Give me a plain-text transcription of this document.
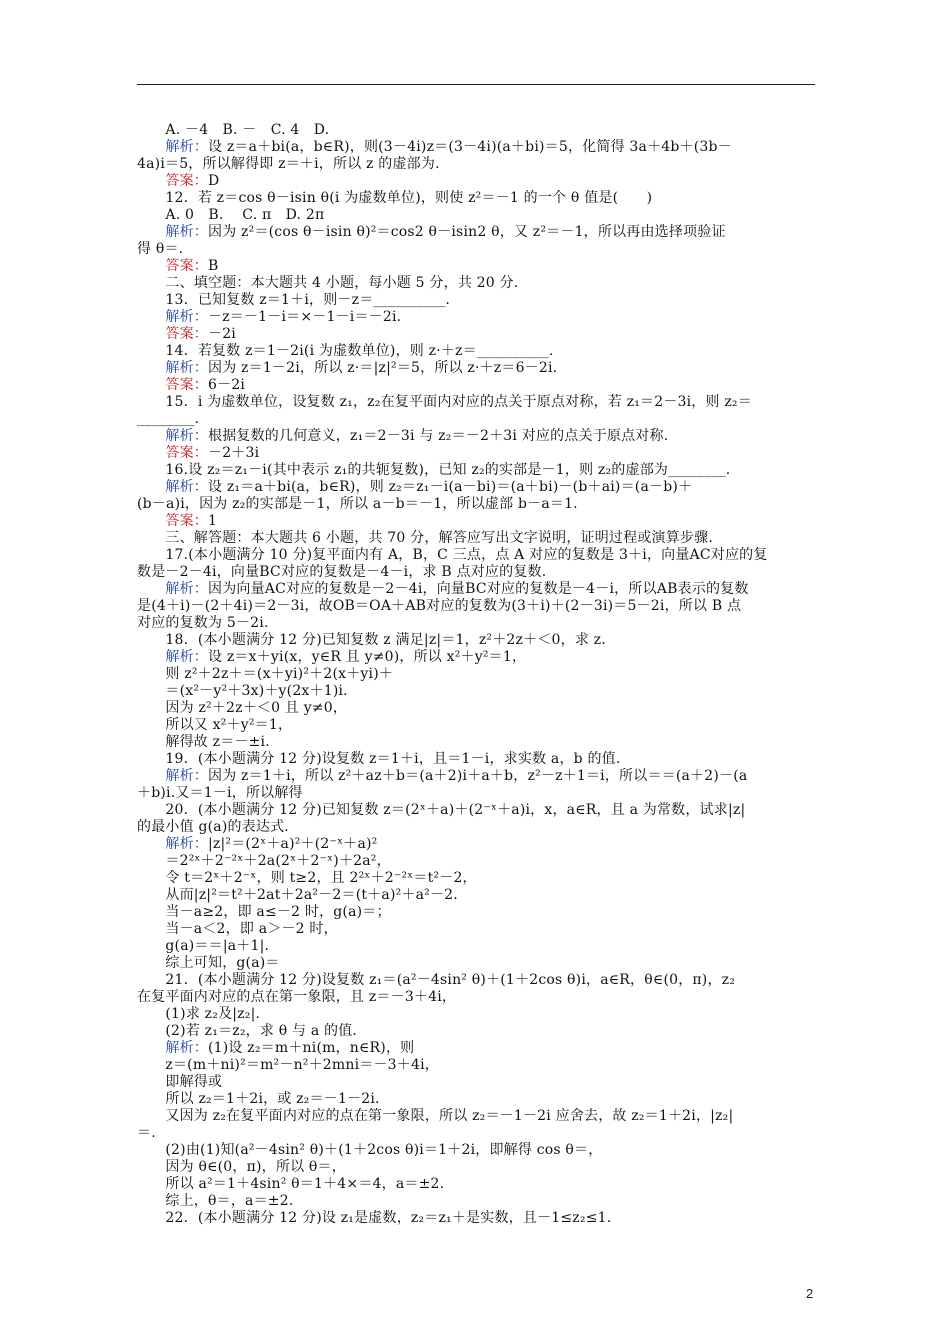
　　A. －4　B. －　C. 4　D.
　　解析：设 z＝a＋bi(a，b∈R)，则(3－4i)z＝(3－4i)(a＋bi)＝5，化简得 3a＋4b＋(3b－
4a)i＝5，所以解得即 z＝＋i，所以 z 的虚部为.
　　答案：D
　　12．若 z＝cos θ－isin θ(i 为虚数单位)，则使 z²＝－1 的一个 θ 值是(　　)
　　A. 0　B. 　C. π　D. 2π
　　解析：因为 z²＝(cos θ－isin θ)²＝cos2 θ－isin2 θ，又 z²＝－1，所以再由选择项验证
得 θ＝.
　　答案：B
　　二、填空题：本大题共 4 小题，每小题 5 分，共 20 分.
　　13．已知复数 z＝1＋i，则－z＝__________.
　　解析：－z＝－1－i＝×－1－i＝－2i.
　　答案：－2i
　　14．若复数 z＝1－2i(i 为虚数单位)，则 z·＋z＝__________.
　　解析：因为 z＝1－2i，所以 z·＝|z|²＝5，所以 z·＋z＝6－2i.
　　答案：6－2i
　　15．i 为虚数单位，设复数 z₁，z₂在复平面内对应的点关于原点对称，若 z₁＝2－3i，则 z₂＝
________.
　　解析：根据复数的几何意义，z₁＝2－3i 与 z₂＝－2＋3i 对应的点关于原点对称.
　　答案：－2＋3i
　　16.设 z₂＝z₁－i(其中表示 z₁的共轭复数)，已知 z₂的实部是－1，则 z₂的虚部为________.
　　解析：设 z₁＝a＋bi(a，b∈R)，则 z₂＝z₁－i(a－bi)＝(a＋bi)－(b＋ai)＝(a－b)＋
(b－a)i，因为 z₂的实部是－1，所以 a－b＝－1，所以虚部 b－a＝1.
　　答案：1
　　三、解答题：本大题共 6 小题，共 70 分，解答应写出文字说明，证明过程或演算步骤.
　　17.(本小题满分 10 分)复平面内有 A，B，C 三点，点 A 对应的复数是 3＋i，向量AC对应的复
数是－2－4i，向量BC对应的复数是－4－i，求 B 点对应的复数.
　　解析：因为向量AC对应的复数是－2－4i，向量BC对应的复数是－4－i，所以AB表示的复数
是(4＋i)－(2＋4i)＝2－3i，故OB＝OA＋AB对应的复数为(3＋i)＋(2－3i)＝5－2i，所以 B 点
对应的复数为 5－2i.
　　18．(本小题满分 12 分)已知复数 z 满足|z|＝1，z²＋2z＋＜0，求 z.
　　解析：设 z＝x＋yi(x，y∈R 且 y≠0)，所以 x²＋y²＝1，
　　则 z²＋2z＋＝(x＋yi)²＋2(x＋yi)＋
　　＝(x²－y²＋3x)＋y(2x＋1)i.
　　因为 z²＋2z＋＜0 且 y≠0，
　　所以又 x²＋y²＝1，
　　解得故 z＝－±i.
　　19．(本小题满分 12 分)设复数 z＝1＋i，且＝1－i，求实数 a，b 的值.
　　解析：因为 z＝1＋i，所以 z²＋az＋b＝(a＋2)i＋a＋b，z²－z＋1＝i，所以＝＝(a＋2)－(a
＋b)i.又＝1－i，所以解得
　　20．(本小题满分 12 分)已知复数 z＝(2ˣ＋a)＋(2⁻ˣ＋a)i，x，a∈R，且 a 为常数，试求|z|
的最小值 g(a)的表达式.
　　解析：|z|²＝(2ˣ＋a)²＋(2⁻ˣ＋a)²
　　＝2²ˣ＋2⁻²ˣ＋2a(2ˣ＋2⁻ˣ)＋2a²，
　　令 t＝2ˣ＋2⁻ˣ，则 t≥2，且 2²ˣ＋2⁻²ˣ＝t²－2，
　　从而|z|²＝t²＋2at＋2a²－2＝(t＋a)²＋a²－2.
　　当－a≥2，即 a≤－2 时，g(a)＝；
　　当－a＜2，即 a＞－2 时，
　　g(a)＝＝|a＋1|.
　　综上可知，g(a)＝
　　21．(本小题满分 12 分)设复数 z₁＝(a²－4sin² θ)＋(1＋2cos θ)i，a∈R，θ∈(0，π)，z₂
在复平面内对应的点在第一象限，且 z＝－3＋4i，
　　(1)求 z₂及|z₂|.
　　(2)若 z₁＝z₂，求 θ 与 a 的值.
　　解析：(1)设 z₂＝m＋ni(m，n∈R)，则
　　z＝(m＋ni)²＝m²－n²＋2mni＝－3＋4i，
　　即解得或
　　所以 z₂＝1＋2i，或 z₂＝－1－2i.
　　又因为 z₂在复平面内对应的点在第一象限，所以 z₂＝－1－2i 应舍去，故 z₂＝1＋2i，|z₂|
＝.
　　(2)由(1)知(a²－4sin² θ)＋(1＋2cos θ)i＝1＋2i，即解得 cos θ＝，
　　因为 θ∈(0，π)，所以 θ＝，
　　所以 a²＝1＋4sin² θ＝1＋4×＝4，a＝±2.
　　综上，θ＝，a＝±2.
　　22．(本小题满分 12 分)设 z₁是虚数，z₂＝z₁＋是实数，且－1≤z₂≤1.
2
